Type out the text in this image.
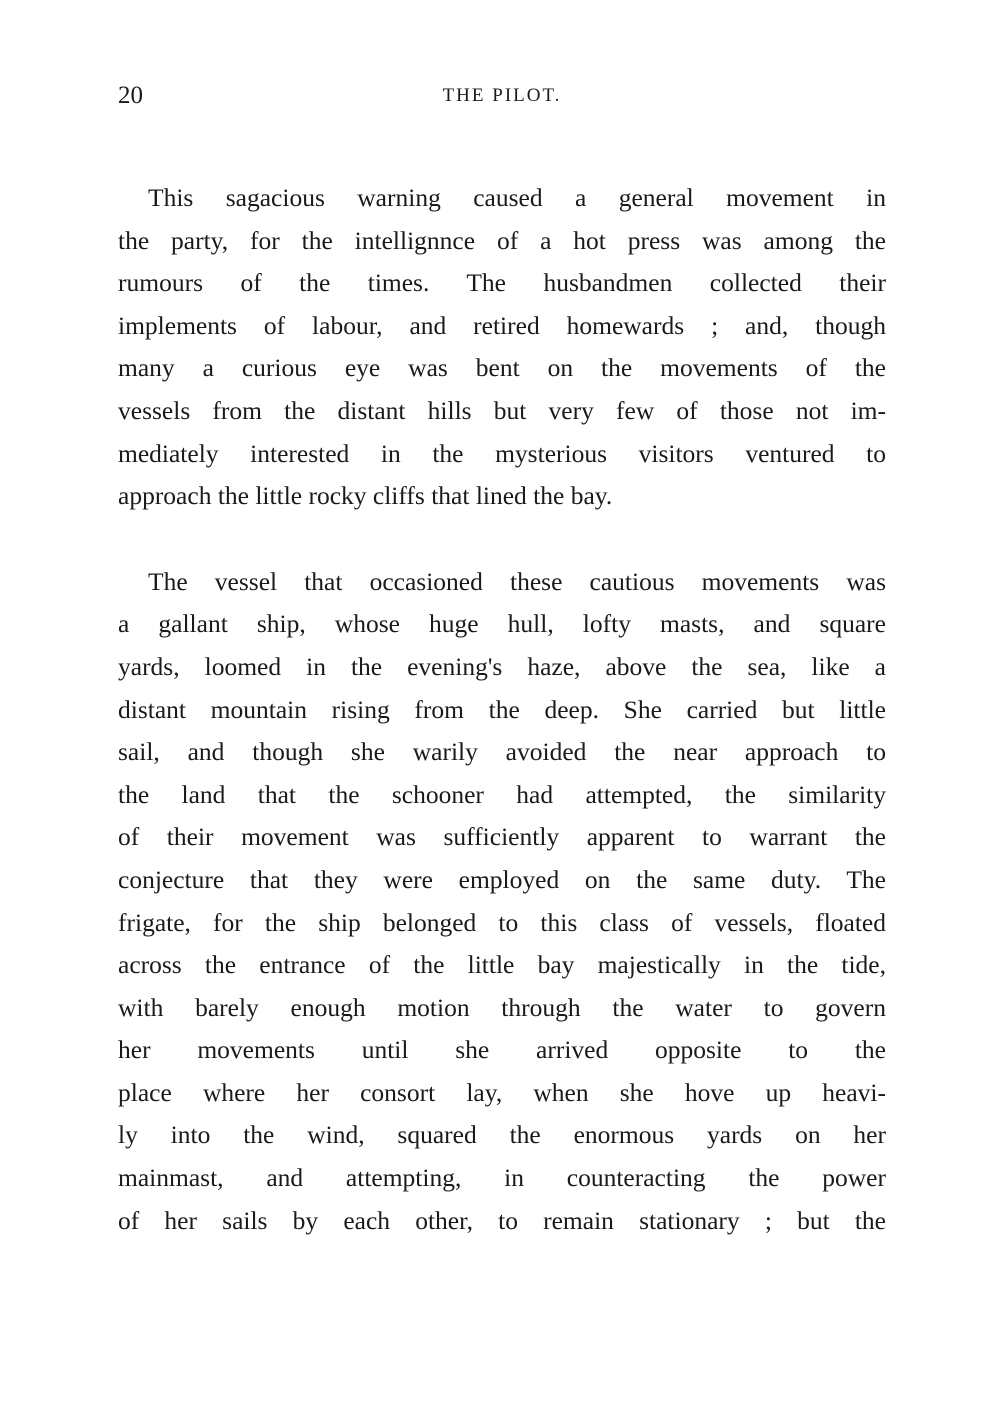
20	THE PILOT.

This sagacious warning caused a general movement in
the party, for the intellignnce of a hot press was among the
rumours of the times. The husbandmen collected their
implements of labour, and retired homewards ; and, though
many a curious eye was bent on the movements of the
vessels from the distant hills but very few of those not im-
mediately interested in the mysterious visitors ventured to
approach the little rocky cliffs that lined the bay.

The vessel that occasioned these cautious movements was
a gallant ship, whose huge hull, lofty masts, and square
yards, loomed in the evening's haze, above the sea, like a
distant mountain rising from the deep. She carried but little
sail, and though she warily avoided the near approach to
the land that the schooner had attempted, the similarity
of their movement was sufficiently apparent to warrant the
conjecture that they were employed on the same duty. The
frigate, for the ship belonged to this class of vessels, floated
across the entrance of the little bay majestically in the tide,
with barely enough motion through the water to govern
her movements until she arrived opposite to the
place where her consort lay, when she hove up heavi-
ly into the wind, squared the enormous yards on her
mainmast, and attempting, in counteracting the power
of her sails by each other, to remain stationary ; but the
